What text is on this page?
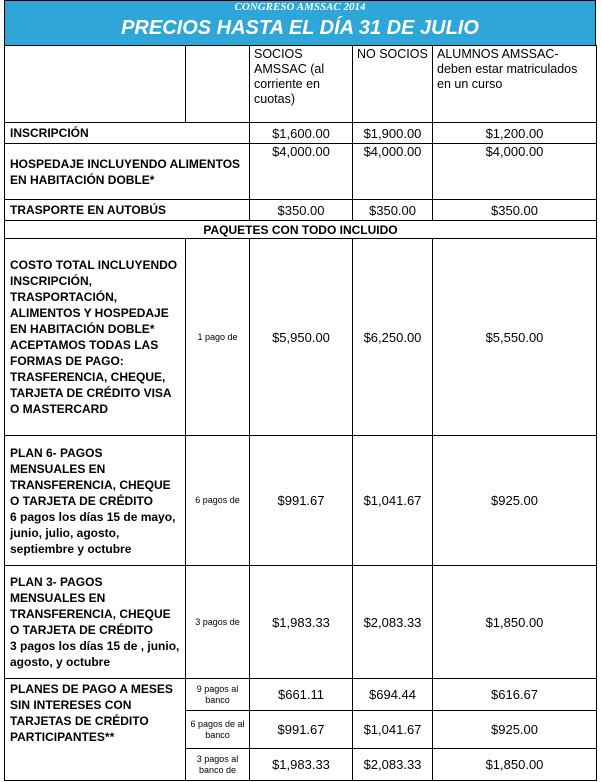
CONGRESO AMSSAC 2014
PRECIOS HASTA EL DÍA 31 DE JULIO
		SOCIOS AMSSAC (al corriente en cuotas)	NO SOCIOS	ALUMNOS AMSSAC- deben estar matriculados en un curso
INSCRIPCIÓN		$1,600.00	$1,900.00	$1,200.00
HOSPEDAJE INCLUYENDO ALIMENTOS EN HABITACIÓN DOBLE*		$4,000.00	$4,000.00	$4,000.00
TRASPORTE EN AUTOBÚS		$350.00	$350.00	$350.00
PAQUETES CON TODO INCLUIDO				
COSTO TOTAL INCLUYENDO INSCRIPCIÓN, TRASPORTACIÓN, ALIMENTOS Y HOSPEDAJE EN HABITACIÓN DOBLE* ACEPTAMOS TODAS LAS FORMAS DE PAGO: TRASFERENCIA, CHEQUE, TARJETA DE CRÉDITO VISA O MASTERCARD	1 pago de	$5,950.00	$6,250.00	$5,550.00

PLAN 6- PAGOS MENSUALES EN TRANSFERENCIA, CHEQUE O TARJETA DE CRÉDITO
6 pagos los días 15 de mayo, junio, julio, agosto, septiembre y octubre	6 pagos de	$991.67	$1,041.67	$925.00

PLAN 3- PAGOS MENSUALES EN TRANSFERENCIA, CHEQUE O TARJETA DE CRÉDITO
3 pagos los días 15 de , junio, agosto, y octubre	3 pagos de	$1,983.33	$2,083.33	$1,850.00
PLANES DE PAGO A MESES SIN INTERESES CON TARJETAS DE CRÉDITO PARTICIPANTES**	9 pagos al banco	$661.11	$694.44	$616.67
	6 pagos de al banco	$991.67	$1,041.67	$925.00
	3 pagos al banco de	$1,983.33	$2,083.33	$1,850.00
